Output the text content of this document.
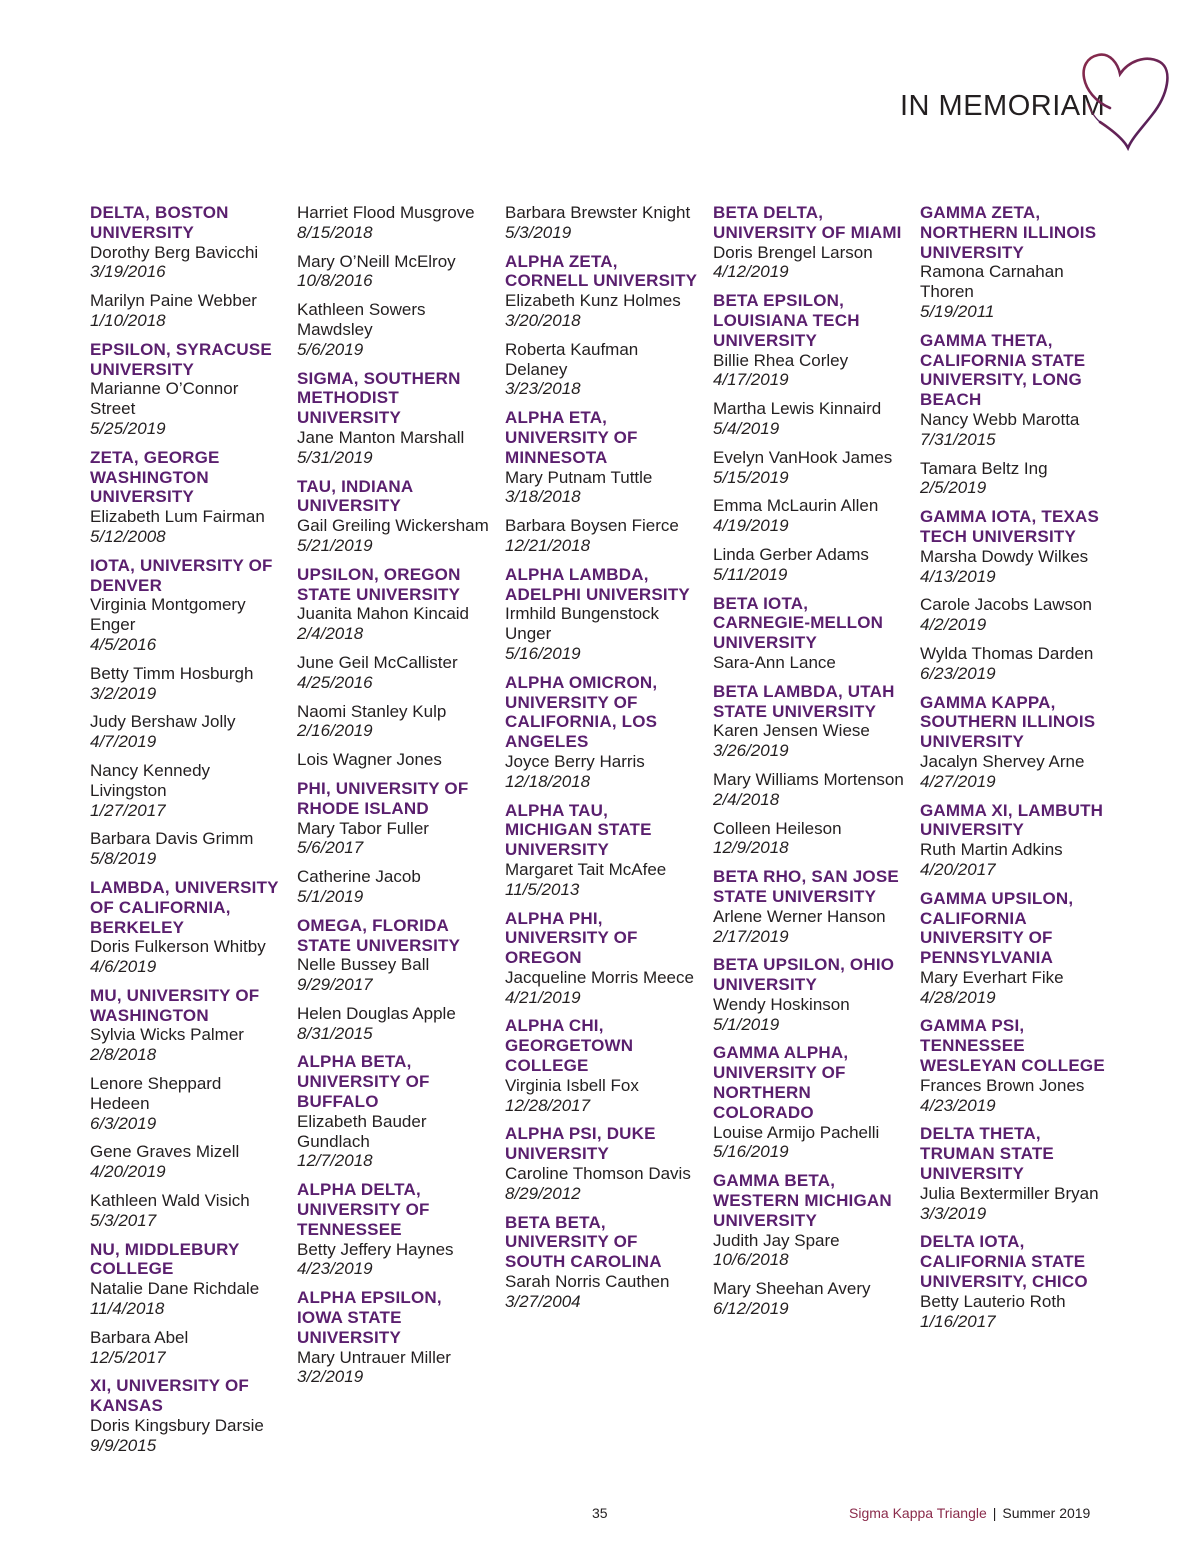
IN MEMORIAM
DELTA, BOSTON UNIVERSITY
Dorothy Berg Bavicchi
3/19/2016
Marilyn Paine Webber
1/10/2018
EPSILON, SYRACUSE UNIVERSITY
Marianne O’Connor Street
5/25/2019
ZETA, GEORGE WASHINGTON UNIVERSITY
Elizabeth Lum Fairman
5/12/2008
IOTA, UNIVERSITY OF DENVER
Virginia Montgomery Enger
4/5/2016
Betty Timm Hosburgh
3/2/2019
Judy Bershaw Jolly
4/7/2019
Nancy Kennedy Livingston
1/27/2017
Barbara Davis Grimm
5/8/2019
LAMBDA, UNIVERSITY OF CALIFORNIA, BERKELEY
Doris Fulkerson Whitby
4/6/2019
MU, UNIVERSITY OF WASHINGTON
Sylvia Wicks Palmer
2/8/2018
Lenore Sheppard Hedeen
6/3/2019
Gene Graves Mizell
4/20/2019
Kathleen Wald Visich
5/3/2017
NU, MIDDLEBURY COLLEGE
Natalie Dane Richdale
11/4/2018
Barbara Abel
12/5/2017
XI, UNIVERSITY OF KANSAS
Doris Kingsbury Darsie
9/9/2015
Harriet Flood Musgrove
8/15/2018
Mary O’Neill McElroy
10/8/2016
Kathleen Sowers Mawdsley
5/6/2019
SIGMA, SOUTHERN METHODIST UNIVERSITY
Jane Manton Marshall
5/31/2019
TAU, INDIANA UNIVERSITY
Gail Greiling Wickersham
5/21/2019
UPSILON, OREGON STATE UNIVERSITY
Juanita Mahon Kincaid
2/4/2018
June Geil McCallister
4/25/2016
Naomi Stanley Kulp
2/16/2019
Lois Wagner Jones
PHI, UNIVERSITY OF RHODE ISLAND
Mary Tabor Fuller
5/6/2017
Catherine Jacob
5/1/2019
OMEGA, FLORIDA STATE UNIVERSITY
Nelle Bussey Ball
9/29/2017
Helen Douglas Apple
8/31/2015
ALPHA BETA, UNIVERSITY OF BUFFALO
Elizabeth Bauder Gundlach
12/7/2018
ALPHA DELTA, UNIVERSITY OF TENNESSEE
Betty Jeffery Haynes
4/23/2019
ALPHA EPSILON, IOWA STATE UNIVERSITY
Mary Untrauer Miller
3/2/2019
Barbara Brewster Knight
5/3/2019
ALPHA ZETA, CORNELL UNIVERSITY
Elizabeth Kunz Holmes
3/20/2018
Roberta Kaufman Delaney
3/23/2018
ALPHA ETA, UNIVERSITY OF MINNESOTA
Mary Putnam Tuttle
3/18/2018
Barbara Boysen Fierce
12/21/2018
ALPHA LAMBDA, ADELPHI UNIVERSITY
Irmhild Bungenstock Unger
5/16/2019
ALPHA OMICRON, UNIVERSITY OF CALIFORNIA, LOS ANGELES
Joyce Berry Harris
12/18/2018
ALPHA TAU, MICHIGAN STATE UNIVERSITY
Margaret Tait McAfee
11/5/2013
ALPHA PHI, UNIVERSITY OF OREGON
Jacqueline Morris Meece
4/21/2019
ALPHA CHI, GEORGETOWN COLLEGE
Virginia Isbell Fox
12/28/2017
ALPHA PSI, DUKE UNIVERSITY
Caroline Thomson Davis
8/29/2012
BETA BETA, UNIVERSITY OF SOUTH CAROLINA
Sarah Norris Cauthen
3/27/2004
BETA DELTA, UNIVERSITY OF MIAMI
Doris Brengel Larson
4/12/2019
BETA EPSILON, LOUISIANA TECH UNIVERSITY
Billie Rhea Corley
4/17/2019
Martha Lewis Kinnaird
5/4/2019
Evelyn VanHook James
5/15/2019
Emma McLaurin Allen
4/19/2019
Linda Gerber Adams
5/11/2019
BETA IOTA, CARNEGIE-MELLON UNIVERSITY
Sara-Ann Lance
BETA LAMBDA, UTAH STATE UNIVERSITY
Karen Jensen Wiese
3/26/2019
Mary Williams Mortenson
2/4/2018
Colleen Heileson
12/9/2018
BETA RHO, SAN JOSE STATE UNIVERSITY
Arlene Werner Hanson
2/17/2019
BETA UPSILON, OHIO UNIVERSITY
Wendy Hoskinson
5/1/2019
GAMMA ALPHA, UNIVERSITY OF NORTHERN COLORADO
Louise Armijo Pachelli
5/16/2019
GAMMA BETA, WESTERN MICHIGAN UNIVERSITY
Judith Jay Spare
10/6/2018
Mary Sheehan Avery
6/12/2019
GAMMA ZETA, NORTHERN ILLINOIS UNIVERSITY
Ramona Carnahan Thoren
5/19/2011
GAMMA THETA, CALIFORNIA STATE UNIVERSITY, LONG BEACH
Nancy Webb Marotta
7/31/2015
Tamara Beltz Ing
2/5/2019
GAMMA IOTA, TEXAS TECH UNIVERSITY
Marsha Dowdy Wilkes
4/13/2019
Carole Jacobs Lawson
4/2/2019
Wylda Thomas Darden
6/23/2019
GAMMA KAPPA, SOUTHERN ILLINOIS UNIVERSITY
Jacalyn Shervey Arne
4/27/2019
GAMMA XI, LAMBUTH UNIVERSITY
Ruth Martin Adkins
4/20/2017
GAMMA UPSILON, CALIFORNIA UNIVERSITY OF PENNSYLVANIA
Mary Everhart Fike
4/28/2019
GAMMA PSI, TENNESSEE WESLEYAN COLLEGE
Frances Brown Jones
4/23/2019
DELTA THETA, TRUMAN STATE UNIVERSITY
Julia Bextermiller Bryan
3/3/2019
DELTA IOTA, CALIFORNIA STATE UNIVERSITY, CHICO
Betty Lauterio Roth
1/16/2017
35	Sigma Kappa Triangle | Summer 2019
